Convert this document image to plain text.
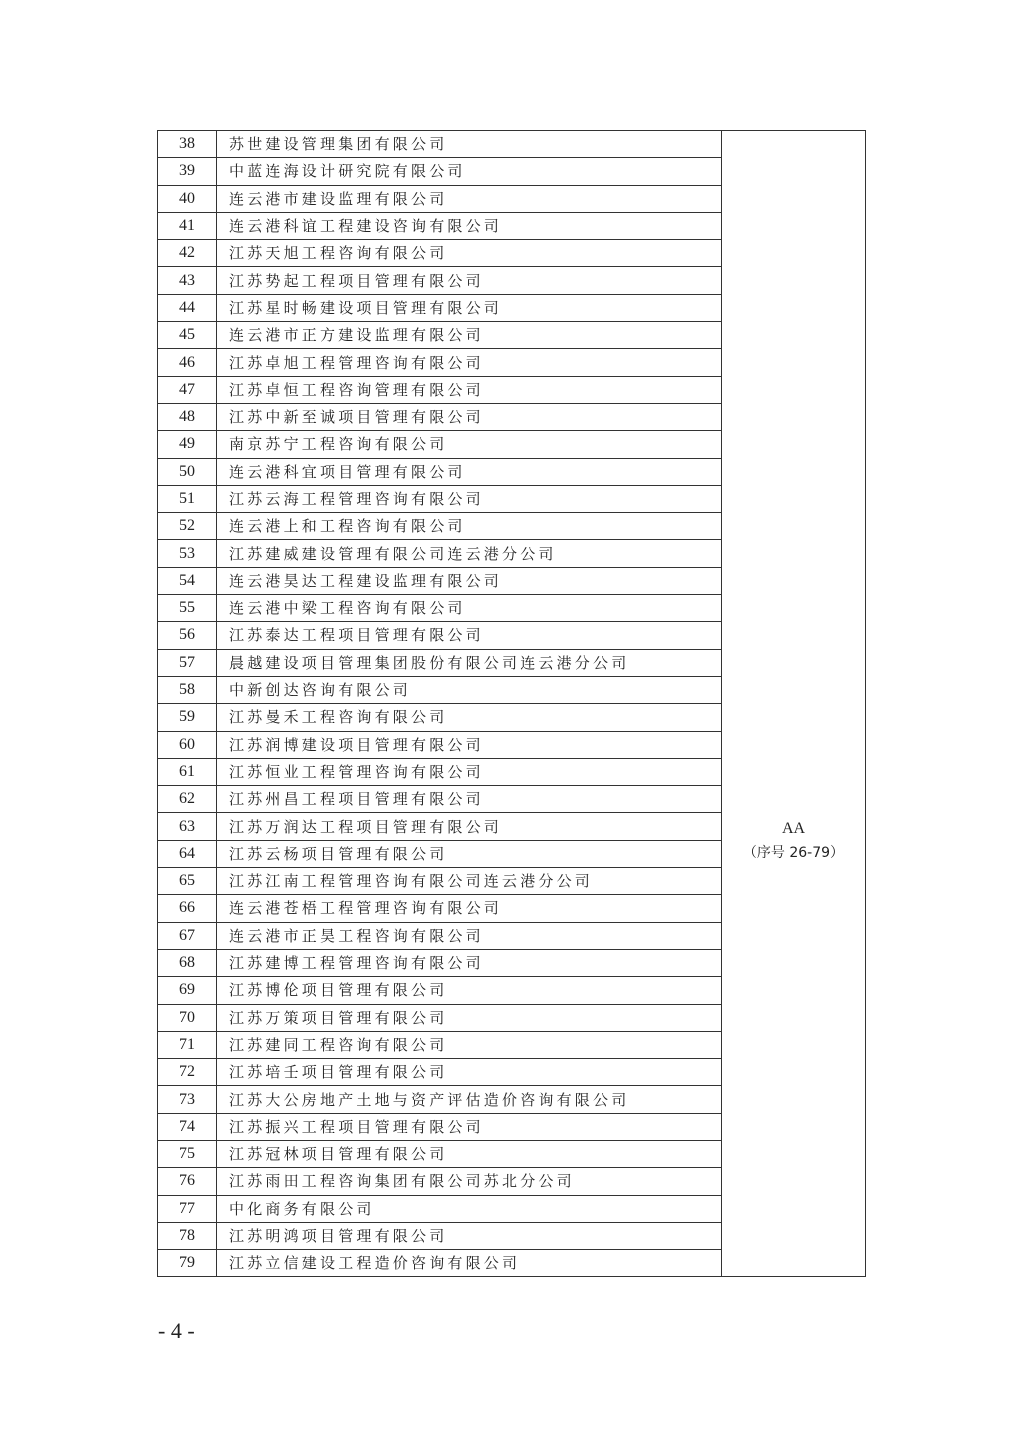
38	苏世建设管理集团有限公司	AA
（序号 26-79）

39	中蓝连海设计研究院有限公司	
40	连云港市建设监理有限公司	
41	连云港科谊工程建设咨询有限公司	
42	江苏天旭工程咨询有限公司	
43	江苏势起工程项目管理有限公司	
44	江苏星时畅建设项目管理有限公司	
45	连云港市正方建设监理有限公司	
46	江苏卓旭工程管理咨询有限公司	
47	江苏卓恒工程咨询管理有限公司	
48	江苏中新至诚项目管理有限公司	
49	南京苏宁工程咨询有限公司	
50	连云港科宜项目管理有限公司	
51	江苏云海工程管理咨询有限公司	
52	连云港上和工程咨询有限公司	
53	江苏建威建设管理有限公司连云港分公司	
54	连云港昊达工程建设监理有限公司	
55	连云港中梁工程咨询有限公司	
56	江苏泰达工程项目管理有限公司	
57	晨越建设项目管理集团股份有限公司连云港分公司	
58	中新创达咨询有限公司	
59	江苏曼禾工程咨询有限公司	
60	江苏润博建设项目管理有限公司	
61	江苏恒业工程管理咨询有限公司	
62	江苏州昌工程项目管理有限公司	
63	江苏万润达工程项目管理有限公司	
64	江苏云杨项目管理有限公司	
65	江苏江南工程管理咨询有限公司连云港分公司	
66	连云港苍梧工程管理咨询有限公司	
67	连云港市正昊工程咨询有限公司	
68	江苏建博工程管理咨询有限公司	
69	江苏博伦项目管理有限公司	
70	江苏万策项目管理有限公司	
71	江苏建同工程咨询有限公司	
72	江苏培壬项目管理有限公司	
73	江苏大公房地产土地与资产评估造价咨询有限公司	
74	江苏振兴工程项目管理有限公司	
75	江苏冠林项目管理有限公司	
76	江苏雨田工程咨询集团有限公司苏北分公司	
77	中化商务有限公司	
78	江苏明鸿项目管理有限公司	
79	江苏立信建设工程造价咨询有限公司	
- 4 -
